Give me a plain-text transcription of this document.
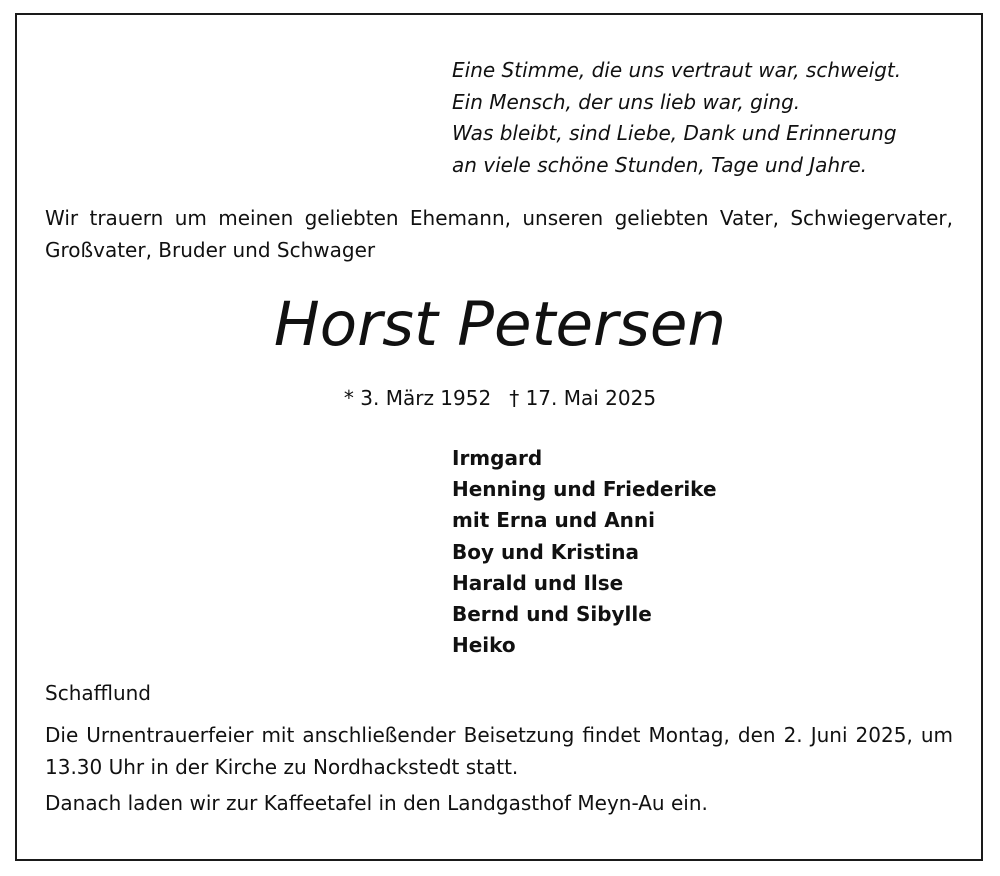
Eine Stimme, die uns vertraut war, schweigt.
Ein Mensch, der uns lieb war, ging.
Was bleibt, sind Liebe, Dank und Erinnerung
an viele schöne Stunden, Tage und Jahre.
Wir trauern um meinen geliebten Ehemann, unseren geliebten Vater, Schwiegervater, Großvater, Bruder und Schwager
Horst Petersen
* 3. März 1952 † 17. Mai 2025
Irmgard
Henning und Friederike
mit Erna und Anni
Boy und Kristina
Harald und Ilse
Bernd und Sibylle
Heiko
Schafflund
Die Urnentrauerfeier mit anschließender Beisetzung findet Montag, den 2. Juni 2025, um 13.30 Uhr in der Kirche zu Nordhackstedt statt.
Danach laden wir zur Kaffeetafel in den Landgasthof Meyn-Au ein.
